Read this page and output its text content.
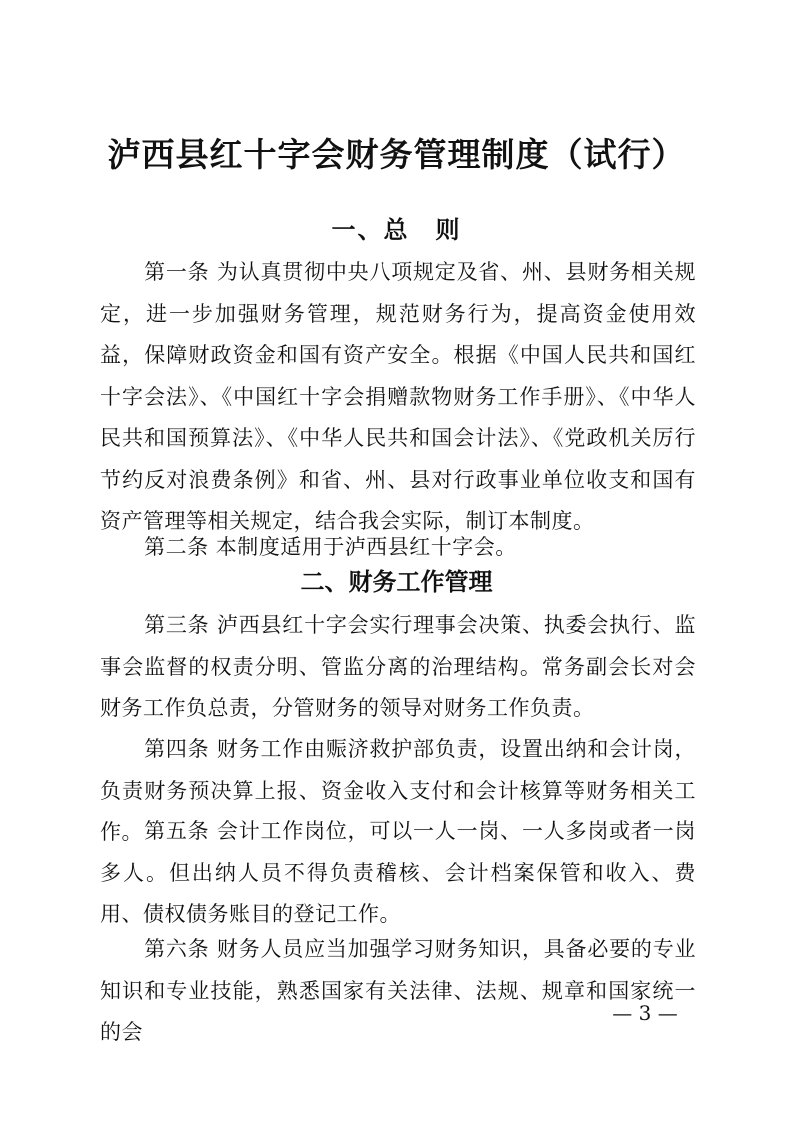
泸西县红十字会财务管理制度（试行）
一、总　则

第一条 为认真贯彻中央八项规定及省、州、县财务相关规定，进一步加强财务管理，规范财务行为，提高资金使用效益，保障财政资金和国有资产安全。根据《中国人民共和国红十字会法》、《中国红十字会捐赠款物财务工作手册》、《中华人民共和国预算法》、《中华人民共和国会计法》、《党政机关厉行节约反对浪费条例》和省、州、县对行政事业单位收支和国有资产管理等相关规定，结合我会实际，制订本制度。

第二条 本制度适用于泸西县红十字会。

二、财务工作管理

第三条 泸西县红十字会实行理事会决策、执委会执行、监事会监督的权责分明、管监分离的治理结构。常务副会长对会财务工作负总责，分管财务的领导对财务工作负责。

第四条 财务工作由赈济救护部负责，设置出纳和会计岗，负责财务预决算上报、资金收入支付和会计核算等财务相关工作。 第五条 会计工作岗位，可以一人一岗、一人多岗或者一岗多人。但出纳人员不得负责稽核、会计档案保管和收入、费用、债权债务账目的登记工作。

第六条 财务人员应当加强学习财务知识，具备必要的专业知识和专业技能，熟悉国家有关法律、法规、规章和国家统一的会

— 3 —
